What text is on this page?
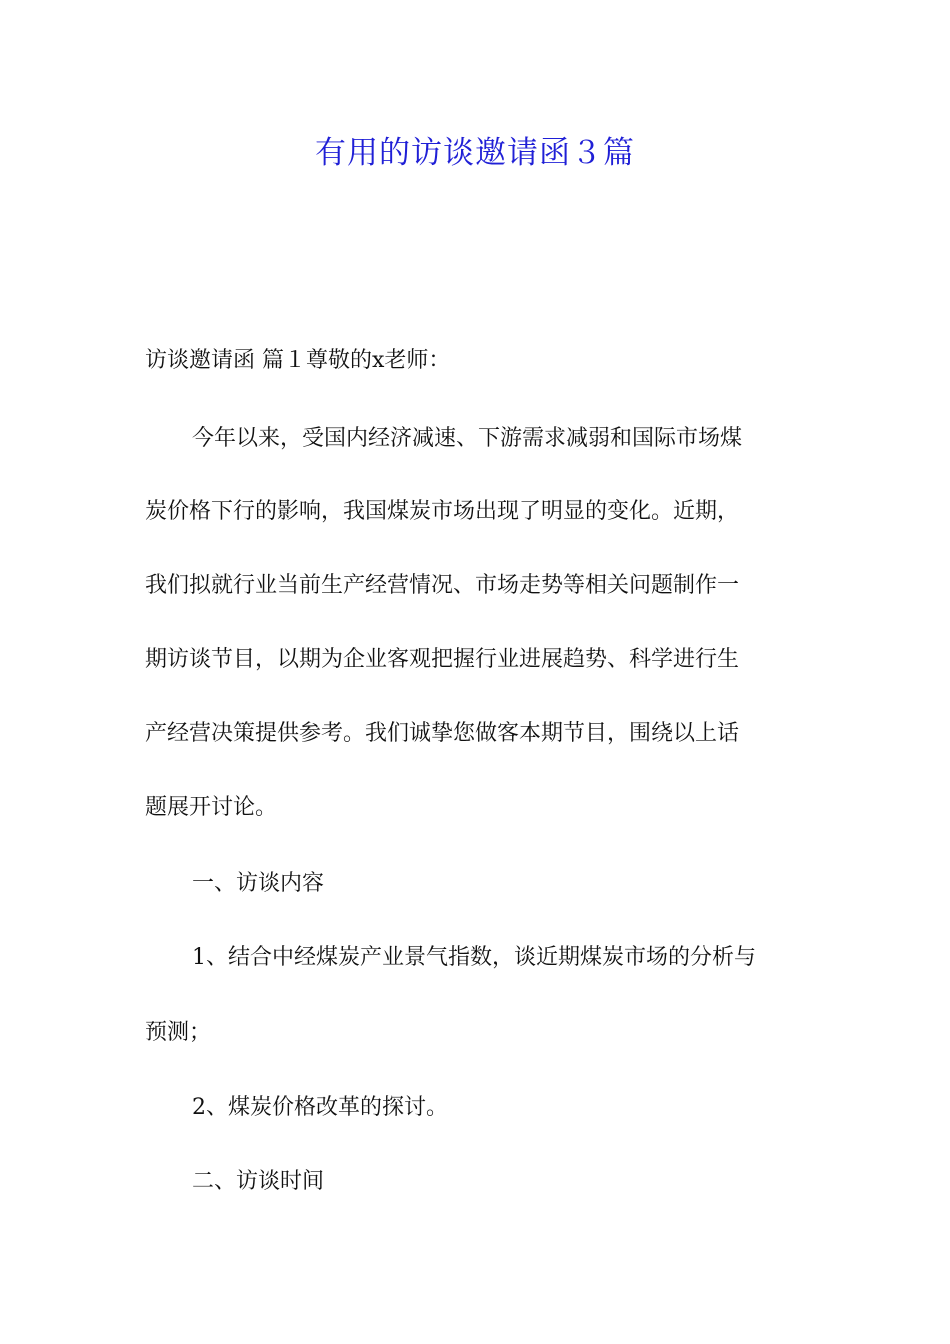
有用的访谈邀请函３篇

访谈邀请函 篇１尊敬的x老师：

今年以来，受国内经济减速、下游需求减弱和国际市场煤

炭价格下行的影响，我国煤炭市场出现了明显的变化。近期，

我们拟就行业当前生产经营情况、市场走势等相关问题制作一

期访谈节目，以期为企业客观把握行业进展趋势、科学进行生

产经营决策提供参考。我们诚挚您做客本期节目，围绕以上话

题展开讨论。

一、访谈内容

1、结合中经煤炭产业景气指数，谈近期煤炭市场的分析与

预测；

2、煤炭价格改革的探讨。

二、访谈时间
